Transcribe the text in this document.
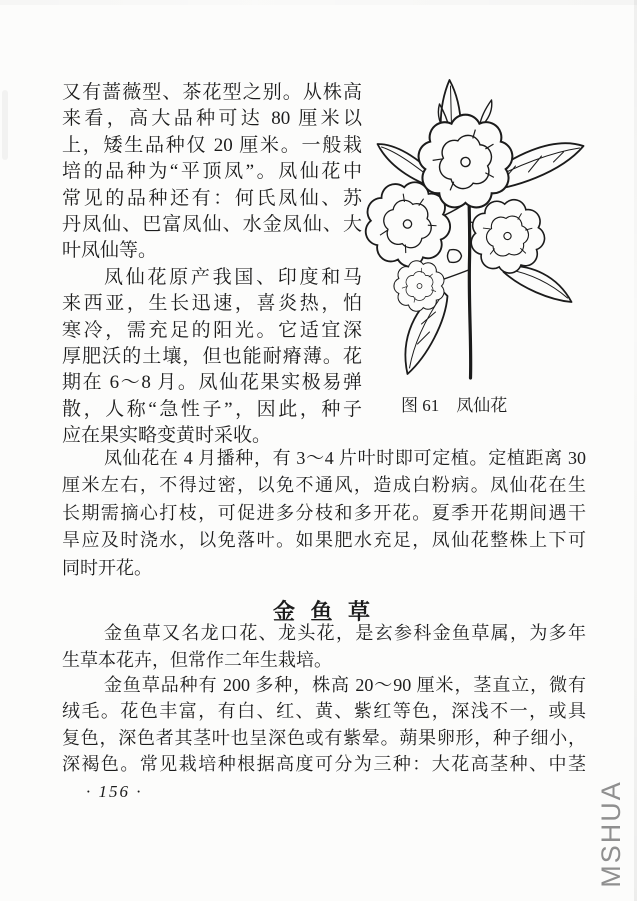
又有蔷薇型、茶花型之别。从株高
来看，高大品种可达 80 厘米以
上，矮生品种仅 20 厘米。一般栽
培的品种为“平顶凤”。凤仙花中
常见的品种还有：何氏凤仙、苏
丹凤仙、巴富凤仙、水金凤仙、大
叶凤仙等。
凤仙花原产我国、印度和马
来西亚，生长迅速，喜炎热，怕
寒冷，需充足的阳光。它适宜深
厚肥沃的土壤，但也能耐瘠薄。花
期在 6～8 月。凤仙花果实极易弹
散，人称“急性子”，因此，种子
应在果实略变黄时采收。
图 61　凤仙花
凤仙花在 4 月播种，有 3～4 片叶时即可定植。定植距离 30
厘米左右，不得过密，以免不通风，造成白粉病。凤仙花在生
长期需摘心打枝，可促进多分枝和多开花。夏季开花期间遇干
旱应及时浇水，以免落叶。如果肥水充足，凤仙花整株上下可
同时开花。
金 鱼 草
金鱼草又名龙口花、龙头花，是玄参科金鱼草属，为多年
生草本花卉，但常作二年生栽培。
金鱼草品种有 200 多种，株高 20～90 厘米，茎直立，微有
绒毛。花色丰富，有白、红、黄、紫红等色，深浅不一，或具
复色，深色者其茎叶也呈深色或有紫晕。蒴果卵形，种子细小，
深褐色。常见栽培种根据高度可分为三种：大花高茎种、中茎
· 156 ·	MSHUA
